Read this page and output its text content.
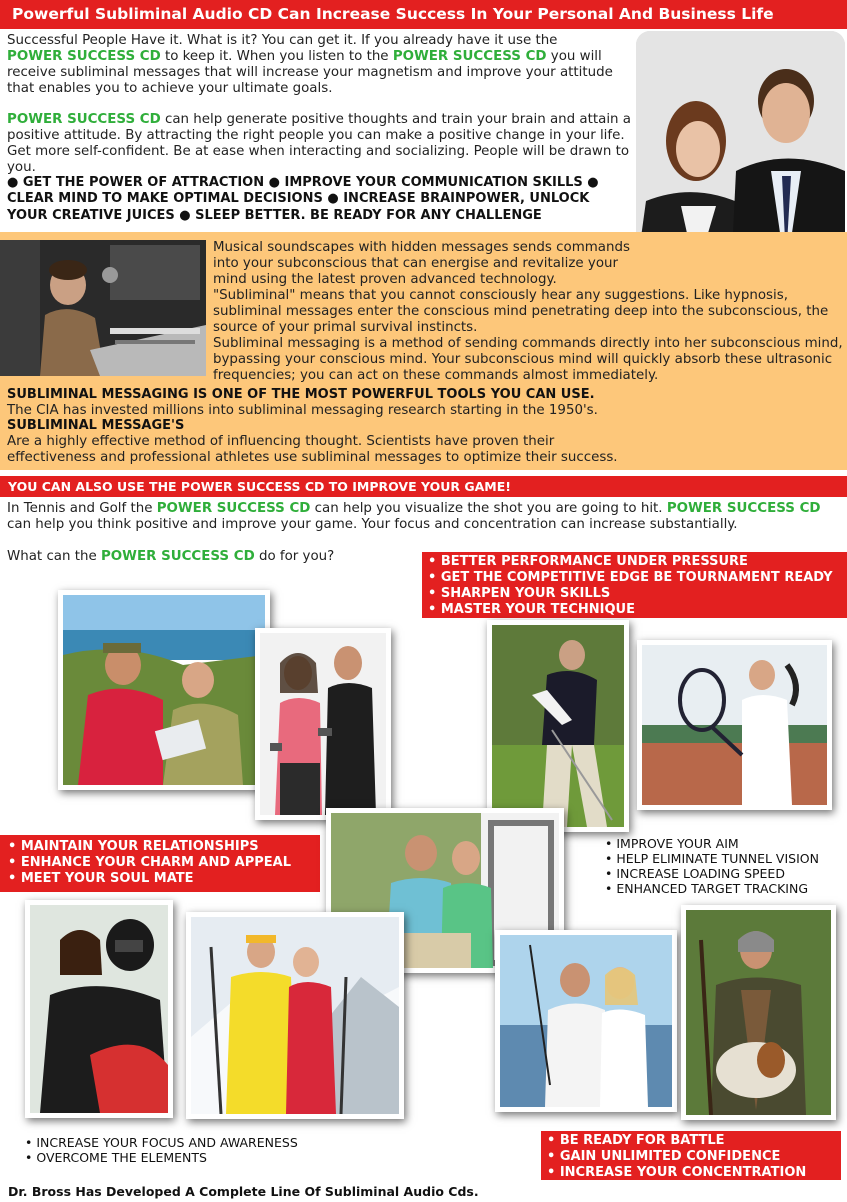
Powerful Subliminal Audio CD Can Increase Success In Your Personal And Business Life
Successful People Have it. What is it? You can get it. If you already have it use the
POWER SUCCESS CD to keep it. When you listen to the POWER SUCCESS CD you will receive subliminal messages that will increase your magnetism and improve your attitude that enables you to achieve your ultimate goals.
POWER SUCCESS CD can help generate positive thoughts and train your brain and attain a positive attitude. By attracting the right people you can make a positive change in your life. Get more self-confident. Be at ease when interacting and socializing. People will be drawn to you.
● GET THE POWER OF ATTRACTION ● IMPROVE YOUR COMMUNICATION SKILLS ● CLEAR MIND TO MAKE OPTIMAL DECISIONS ● INCREASE BRAINPOWER, UNLOCK YOUR CREATIVE JUICES ● SLEEP BETTER. BE READY FOR ANY CHALLENGE
Musical soundscapes with hidden messages sends commands into your subconscious that can energise and revitalize your mind using the latest proven advanced technology.
"Subliminal" means that you cannot consciously hear any suggestions. Like hypnosis, subliminal messages enter the conscious mind penetrating deep into the subconscious, the source of your primal survival instincts.
Subliminal messaging is a method of sending commands directly into her subconscious mind, bypassing your conscious mind. Your subconscious mind will quickly absorb these ultrasonic frequencies; you can act on these commands almost immediately.
SUBLIMINAL MESSAGING IS ONE OF THE MOST POWERFUL TOOLS YOU CAN USE.
The CIA has invested millions into subliminal messaging research starting in the 1950's.
SUBLIMINAL MESSAGE'S
Are a highly effective method of influencing thought. Scientists have proven their effectiveness and professional athletes use subliminal messages to optimize their success.
YOU CAN ALSO USE THE POWER SUCCESS CD TO IMPROVE YOUR GAME!
In Tennis and Golf the POWER SUCCESS CD can help you visualize the shot you are going to hit. POWER SUCCESS CD can help you think positive and improve your game. Your focus and concentration can increase substantially.
What can the POWER SUCCESS CD do for you?	• BETTER PERFORMANCE UNDER PRESSURE
• GET THE COMPETITIVE EDGE BE TOURNAMENT READY
• SHARPEN YOUR SKILLS
• MASTER YOUR TECHNIQUE
• MAINTAIN YOUR RELATIONSHIPS
• ENHANCE YOUR CHARM AND APPEAL
• MEET YOUR SOUL MATE
• IMPROVE YOUR AIM
• HELP ELIMINATE TUNNEL VISION
• INCREASE LOADING SPEED
• ENHANCED TARGET TRACKING
• INCREASE YOUR FOCUS AND AWARENESS
• OVERCOME THE ELEMENTS
• BE READY FOR BATTLE
• GAIN UNLIMITED CONFIDENCE
• INCREASE YOUR CONCENTRATION
Dr. Bross Has Developed A Complete Line Of Subliminal Audio Cds.
